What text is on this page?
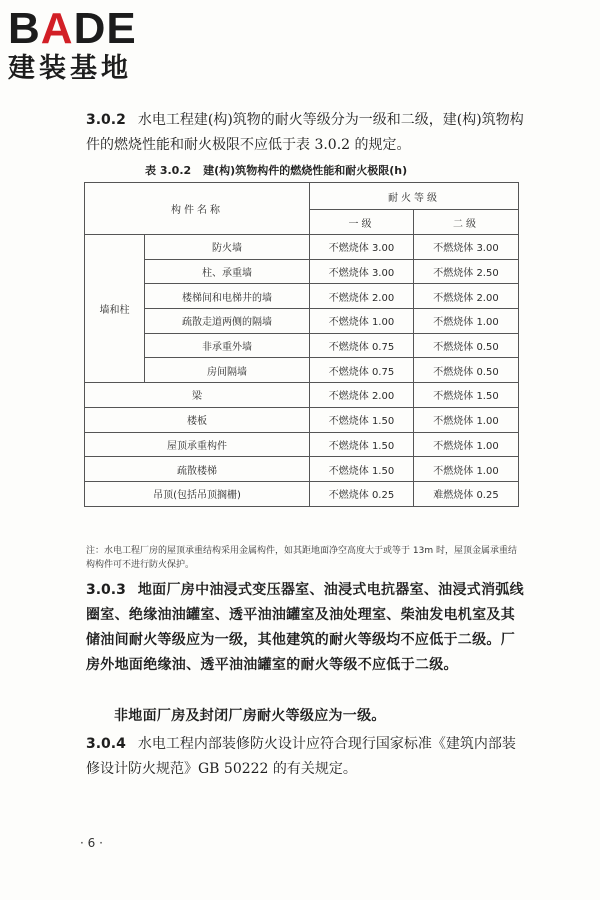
BADE
建装基地
3.0.2 水电工程建(构)筑物的耐火等级分为一级和二级，建(构)筑物构件的燃烧性能和耐火极限不应低于表 3.0.2 的规定。
表 3.0.2 建(构)筑物构件的燃烧性能和耐火极限(h)
构件名称		耐火等级	
		一级	二级
墙和柱	防火墙	不燃烧体 3.00	不燃烧体 3.00
	柱、承重墙	不燃烧体 3.00	不燃烧体 2.50
	楼梯间和电梯井的墙	不燃烧体 2.00	不燃烧体 2.00
	疏散走道两侧的隔墙	不燃烧体 1.00	不燃烧体 1.00
	非承重外墙	不燃烧体 0.75	不燃烧体 0.50
	房间隔墙	不燃烧体 0.75	不燃烧体 0.50
梁		不燃烧体 2.00	不燃烧体 1.50
楼板		不燃烧体 1.50	不燃烧体 1.00
屋顶承重构件		不燃烧体 1.50	不燃烧体 1.00
疏散楼梯		不燃烧体 1.50	不燃烧体 1.00
吊顶(包括吊顶搁栅)		不燃烧体 0.25	难燃烧体 0.25
注：水电工程厂房的屋顶承重结构采用金属构件，如其距地面净空高度大于或等于 13m 时，屋顶金属承重结构构件可不进行防火保护。
3.0.3 地面厂房中油浸式变压器室、油浸式电抗器室、油浸式消弧线圈室、绝缘油油罐室、透平油油罐室及油处理室、柴油发电机室及其储油间耐火等级应为一级，其他建筑的耐火等级均不应低于二级。厂房外地面绝缘油、透平油油罐室的耐火等级不应低于二级。
非地面厂房及封闭厂房耐火等级应为一级。
3.0.4 水电工程内部装修防火设计应符合现行国家标准《建筑内部装修设计防火规范》GB 50222 的有关规定。
· 6 ·
